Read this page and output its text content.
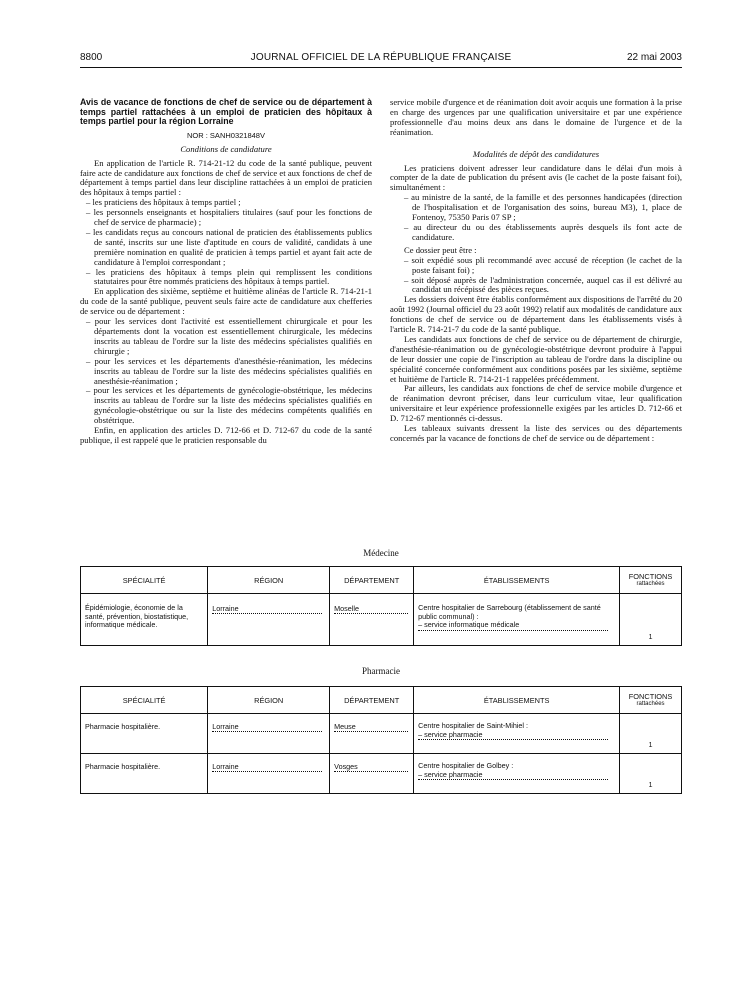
8800	JOURNAL OFFICIEL DE LA RÉPUBLIQUE FRANÇAISE	22 mai 2003

Avis de vacance de fonctions de chef de service ou de département à temps partiel rattachées à un emploi de praticien des hôpitaux à temps partiel pour la région Lorraine

NOR : SANH0321848V

Conditions de candidature

En application de l'article R. 714-21-12 du code de la santé publique, peuvent faire acte de candidature aux fonctions de chef de service et aux fonctions de chef de département à temps partiel dans leur discipline rattachées à un emploi de praticien des hôpitaux à temps partiel :

– les praticiens des hôpitaux à temps partiel ;
– les personnels enseignants et hospitaliers titulaires (sauf pour les fonctions de chef de service de pharmacie) ;
– les candidats reçus au concours national de praticien des établissements publics de santé, inscrits sur une liste d'aptitude en cours de validité, candidats à une première nomination en qualité de praticien à temps partiel et ayant fait acte de candidature à l'emploi correspondant ;
– les praticiens des hôpitaux à temps plein qui remplissent les conditions statutaires pour être nommés praticiens des hôpitaux à temps partiel.

En application des sixième, septième et huitième alinéas de l'article R. 714-21-1 du code de la santé publique, peuvent seuls faire acte de candidature aux chefferies de service ou de département :

– pour les services dont l'activité est essentiellement chirurgicale et pour les départements dont la vocation est essentiellement chirurgicale, les médecins inscrits au tableau de l'ordre sur la liste des médecins spécialistes qualifiés en chirurgie ;
– pour les services et les départements d'anesthésie-réanimation, les médecins inscrits au tableau de l'ordre sur la liste des médecins spécialistes qualifiés en anesthésie-réanimation ;
– pour les services et les départements de gynécologie-obstétrique, les médecins inscrits au tableau de l'ordre sur la liste des médecins spécialistes qualifiés en gynécologie-obstétrique ou sur la liste des médecins compétents qualifiés en obstétrique.

Enfin, en application des articles D. 712-66 et D. 712-67 du code de la santé publique, il est rappelé que le praticien responsable du

service mobile d'urgence et de réanimation doit avoir acquis une formation à la prise en charge des urgences par une qualification universitaire et par une expérience professionnelle d'au moins deux ans dans le domaine de l'urgence et de la réanimation.

Modalités de dépôt des candidatures

Les praticiens doivent adresser leur candidature dans le délai d'un mois à compter de la date de publication du présent avis (le cachet de la poste faisant foi), simultanément :

– au ministre de la santé, de la famille et des personnes handicapées (direction de l'hospitalisation et de l'organisation des soins, bureau M3), 1, place de Fontenoy, 75350 Paris 07 SP ;
– au directeur du ou des établissements auprès desquels ils font acte de candidature.

Ce dossier peut être :

– soit expédié sous pli recommandé avec accusé de réception (le cachet de la poste faisant foi) ;
– soit déposé auprès de l'administration concernée, auquel cas il est délivré au candidat un récépissé des pièces reçues.

Les dossiers doivent être établis conformément aux dispositions de l'arrêté du 20 août 1992 (Journal officiel du 23 août 1992) relatif aux modalités de candidature aux fonctions de chef de service ou de département dans les établissements visés à l'article R. 714-21-7 du code de la santé publique.

Les candidats aux fonctions de chef de service ou de département de chirurgie, d'anesthésie-réanimation ou de gynécologie-obstétrique devront produire à l'appui de leur dossier une copie de l'inscription au tableau de l'ordre dans la discipline ou spécialité concernée conformément aux conditions posées par les sixième, septième et huitième de l'article R. 714-21-1 rappelées précédemment.

Par ailleurs, les candidats aux fonctions de chef de service mobile d'urgence et de réanimation devront préciser, dans leur curriculum vitae, leur qualification universitaire et leur expérience professionnelle exigées par les articles D. 712-66 et D. 712-67 mentionnés ci-dessus.

Les tableaux suivants dressent la liste des services ou des départements concernés par la vacance de fonctions de chef de service ou de département :

Médecine
SPÉCIALITÉ	RÉGION	DÉPARTEMENT	ÉTABLISSEMENTS	FONCTIONS
rattachées

Épidémiologie, économie de la santé, prévention, biostatistique, informatique médicale.	Lorraine	Moselle	Centre hospitalier de Sarrebourg (établissement de santé public communal) :
– service informatique médicale	1
Pharmacie
SPÉCIALITÉ	RÉGION	DÉPARTEMENT	ÉTABLISSEMENTS	FONCTIONS
rattachées

Pharmacie hospitalière.	Lorraine	Meuse	Centre hospitalier de Saint-Mihiel :
– service pharmacie	1
Pharmacie hospitalière.	Lorraine	Vosges	Centre hospitalier de Golbey :
– service pharmacie	1
